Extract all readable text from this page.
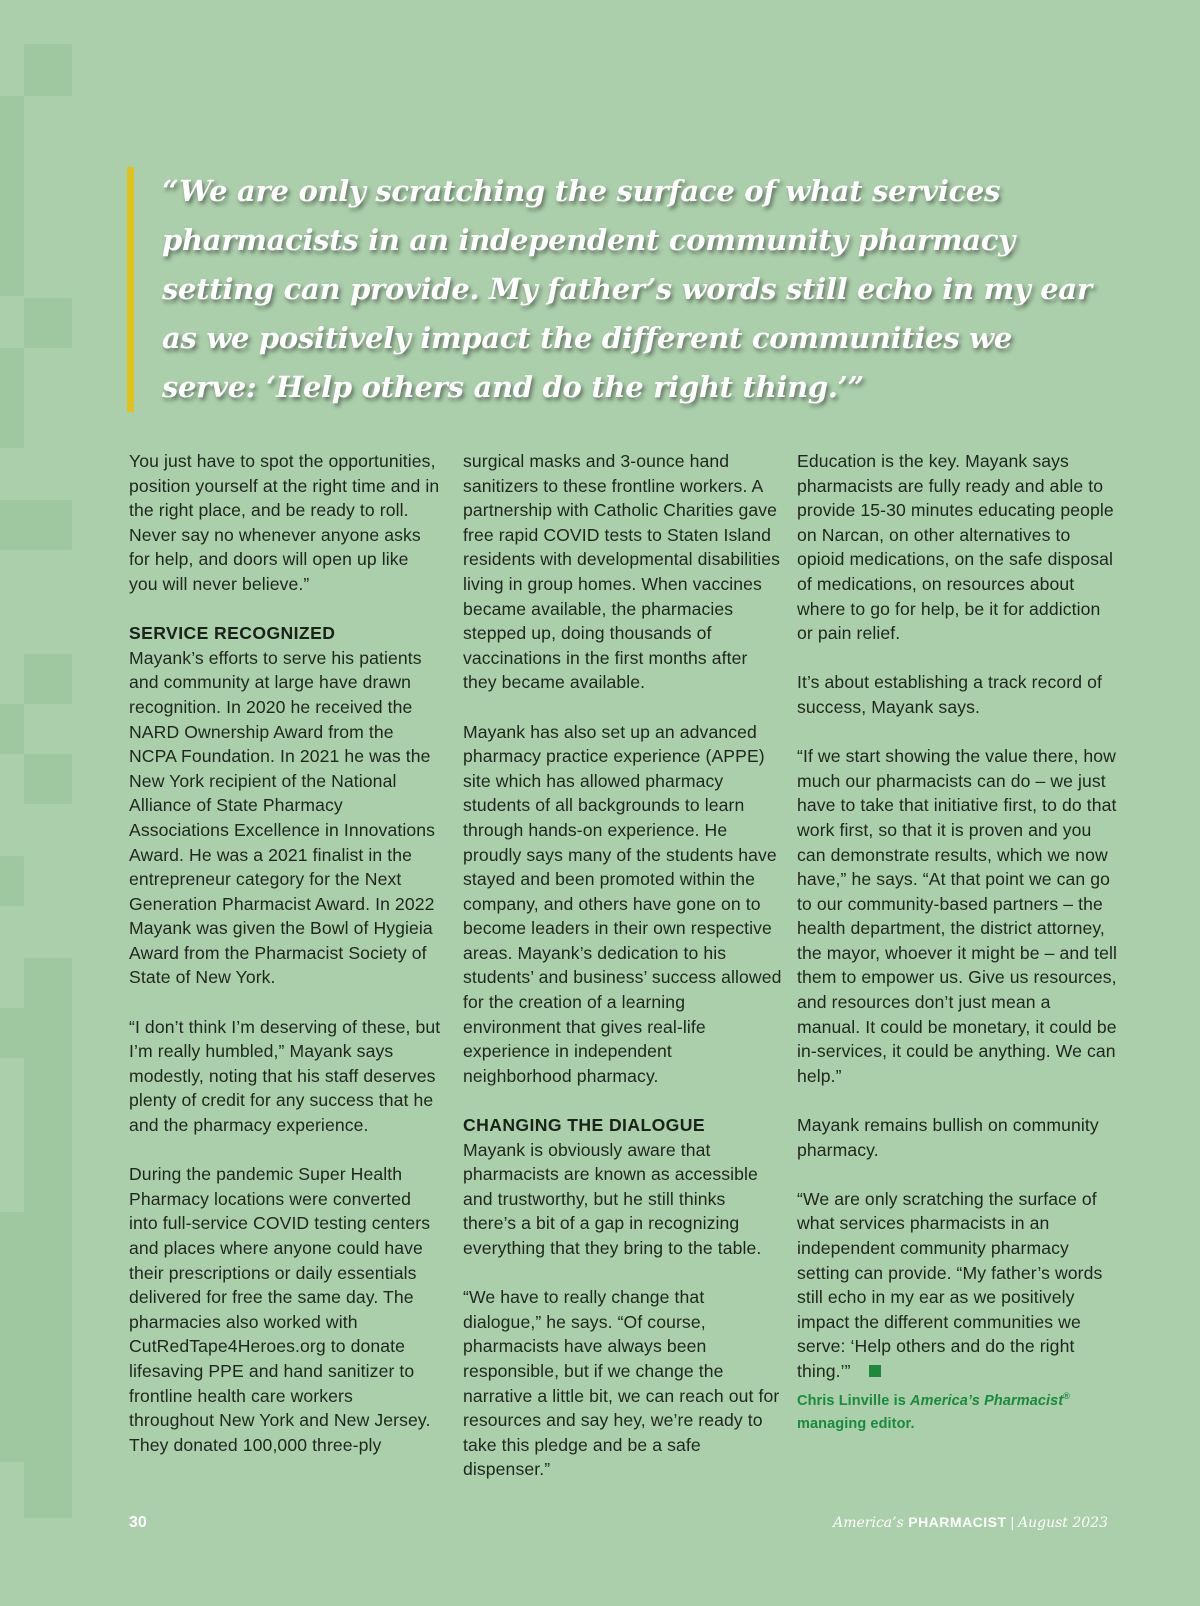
“We are only scratching the surface of what services pharmacists in an independent community pharmacy setting can provide. My father’s words still echo in my ear as we positively impact the different communities we serve: ‘Help others and do the right thing.’”

You just have to spot the opportunities, position yourself at the right time and in the right place, and be ready to roll. Never say no whenever anyone asks for help, and doors will open up like you will never believe.”

SERVICE RECOGNIZED

Mayank’s efforts to serve his patients and community at large have drawn recognition. In 2020 he received the NARD Ownership Award from the NCPA Foundation. In 2021 he was the New York recipient of the National Alliance of State Pharmacy Associations Excellence in Innovations Award. He was a 2021 finalist in the entrepreneur category for the Next Generation Pharmacist Award. In 2022 Mayank was given the Bowl of Hygieia Award from the Pharmacist Society of State of New York.

“I don’t think I’m deserving of these, but I’m really humbled,” Mayank says modestly, noting that his staff deserves plenty of credit for any success that he and the pharmacy experience.

During the pandemic Super Health Pharmacy locations were converted into full-service COVID testing centers and places where anyone could have their prescriptions or daily essentials delivered for free the same day. The pharmacies also worked with CutRedTape4Heroes.org to donate lifesaving PPE and hand sanitizer to frontline health care workers throughout New York and New Jersey. They donated 100,000 three-ply

surgical masks and 3-ounce hand sanitizers to these frontline workers. A partnership with Catholic Charities gave free rapid COVID tests to Staten Island residents with developmental disabilities living in group homes. When vaccines became available, the pharmacies stepped up, doing thousands of vaccinations in the first months after they became available.

Mayank has also set up an advanced pharmacy practice experience (APPE) site which has allowed pharmacy students of all backgrounds to learn through hands-on experience. He proudly says many of the students have stayed and been promoted within the company, and others have gone on to become leaders in their own respective areas. Mayank’s dedication to his students’ and business’ success allowed for the creation of a learning environment that gives real-life experience in independent neighborhood pharmacy.

CHANGING THE DIALOGUE

Mayank is obviously aware that pharmacists are known as accessible and trustworthy, but he still thinks there’s a bit of a gap in recognizing everything that they bring to the table.

“We have to really change that dialogue,” he says. “Of course, pharmacists have always been responsible, but if we change the narrative a little bit, we can reach out for resources and say hey, we’re ready to take this pledge and be a safe dispenser.”

Education is the key. Mayank says pharmacists are fully ready and able to provide 15-30 minutes educating people on Narcan, on other alternatives to opioid medications, on the safe disposal of medications, on resources about where to go for help, be it for addiction or pain relief.

It’s about establishing a track record of success, Mayank says.

“If we start showing the value there, how much our pharmacists can do – we just have to take that initiative first, to do that work first, so that it is proven and you can demonstrate results, which we now have,” he says. “At that point we can go to our community-based partners – the health department, the district attorney, the mayor, whoever it might be – and tell them to empower us. Give us resources, and resources don’t just mean a manual. It could be monetary, it could be in-services, it could be anything. We can help.”

Mayank remains bullish on community pharmacy.

“We are only scratching the surface of what services pharmacists in an independent community pharmacy setting can provide. “My father’s words still echo in my ear as we positively impact the different communities we serve: ‘Help others and do the right thing.’”

Chris Linville is America’s Pharmacist®
managing editor.

30	America’s PHARMACIST | August 2023
